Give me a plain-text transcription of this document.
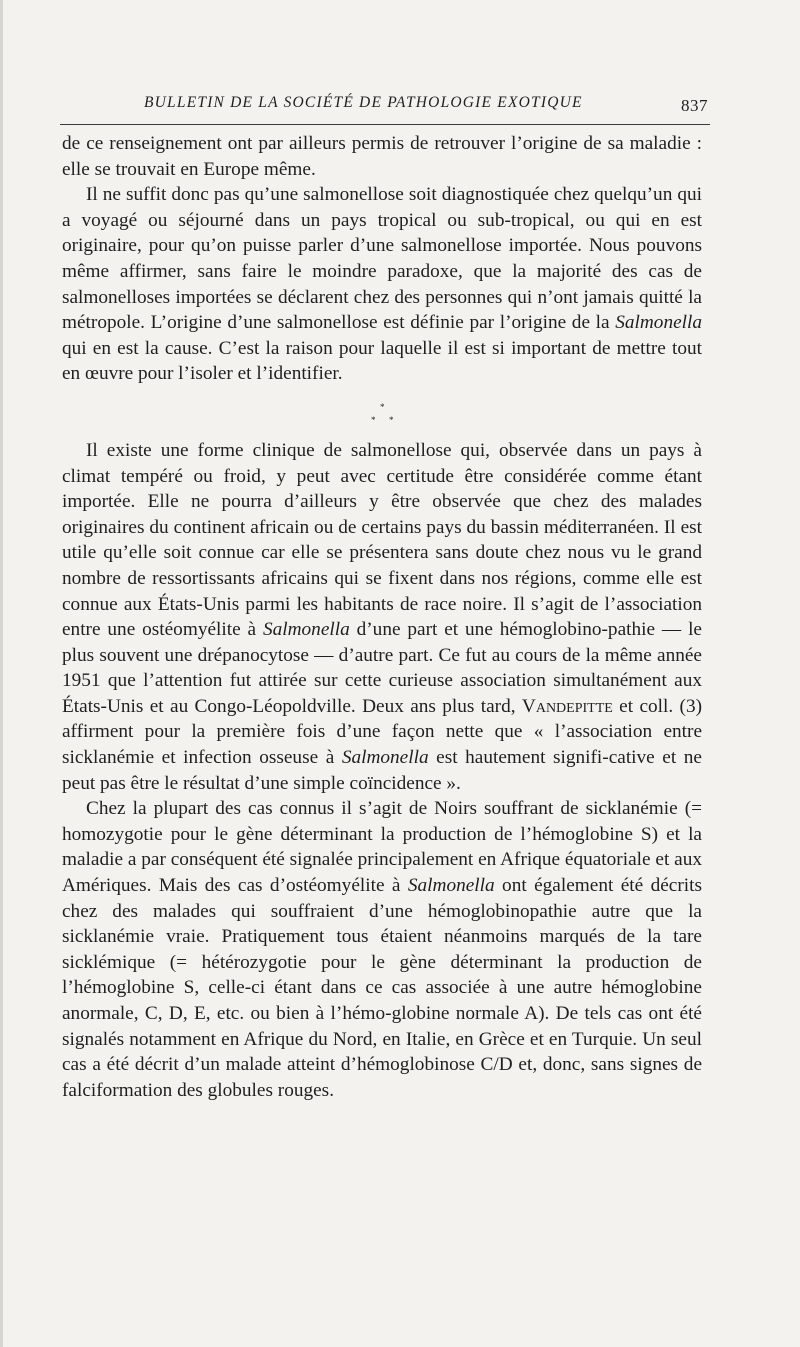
BULLETIN DE LA SOCIÉTÉ DE PATHOLOGIE EXOTIQUE	837

de ce renseignement ont par ailleurs permis de retrouver l’origine de sa maladie : elle se trouvait en Europe même.

Il ne suffit donc pas qu’une salmonellose soit diagnostiquée chez quelqu’un qui a voyagé ou séjourné dans un pays tropical ou sub-tropical, ou qui en est originaire, pour qu’on puisse parler d’une salmonellose importée. Nous pouvons même affirmer, sans faire le moindre paradoxe, que la majorité des cas de salmonelloses importées se déclarent chez des personnes qui n’ont jamais quitté la métropole. L’origine d’une salmonellose est définie par l’origine de la Salmonella qui en est la cause. C’est la raison pour laquelle il est si important de mettre tout en œuvre pour l’isoler et l’identifier.

*
* *

Il existe une forme clinique de salmonellose qui, observée dans un pays à climat tempéré ou froid, y peut avec certitude être considérée comme étant importée. Elle ne pourra d’ailleurs y être observée que chez des malades originaires du continent africain ou de certains pays du bassin méditerranéen. Il est utile qu’elle soit connue car elle se présentera sans doute chez nous vu le grand nombre de ressortissants africains qui se fixent dans nos régions, comme elle est connue aux États-Unis parmi les habitants de race noire. Il s’agit de l’association entre une ostéomyélite à Salmonella d’une part et une hémoglobino-pathie — le plus souvent une drépanocytose — d’autre part. Ce fut au cours de la même année 1951 que l’attention fut attirée sur cette curieuse association simultanément aux États-Unis et au Congo-Léopoldville. Deux ans plus tard, Vandepitte et coll. (3) affirment pour la première fois d’une façon nette que « l’association entre sicklanémie et infection osseuse à Salmonella est hautement signifi-cative et ne peut pas être le résultat d’une simple coïncidence ».

Chez la plupart des cas connus il s’agit de Noirs souffrant de sicklanémie (= homozygotie pour le gène déterminant la production de l’hémoglobine S) et la maladie a par conséquent été signalée principalement en Afrique équatoriale et aux Amériques. Mais des cas d’ostéomyélite à Salmonella ont également été décrits chez des malades qui souffraient d’une hémoglobinopathie autre que la sicklanémie vraie. Pratiquement tous étaient néanmoins marqués de la tare sicklémique (= hétérozygotie pour le gène déterminant la production de l’hémoglobine S, celle-ci étant dans ce cas associée à une autre hémoglobine anormale, C, D, E, etc. ou bien à l’hémo-globine normale A). De tels cas ont été signalés notamment en Afrique du Nord, en Italie, en Grèce et en Turquie. Un seul cas a été décrit d’un malade atteint d’hémoglobinose C/D et, donc, sans signes de falciformation des globules rouges.
